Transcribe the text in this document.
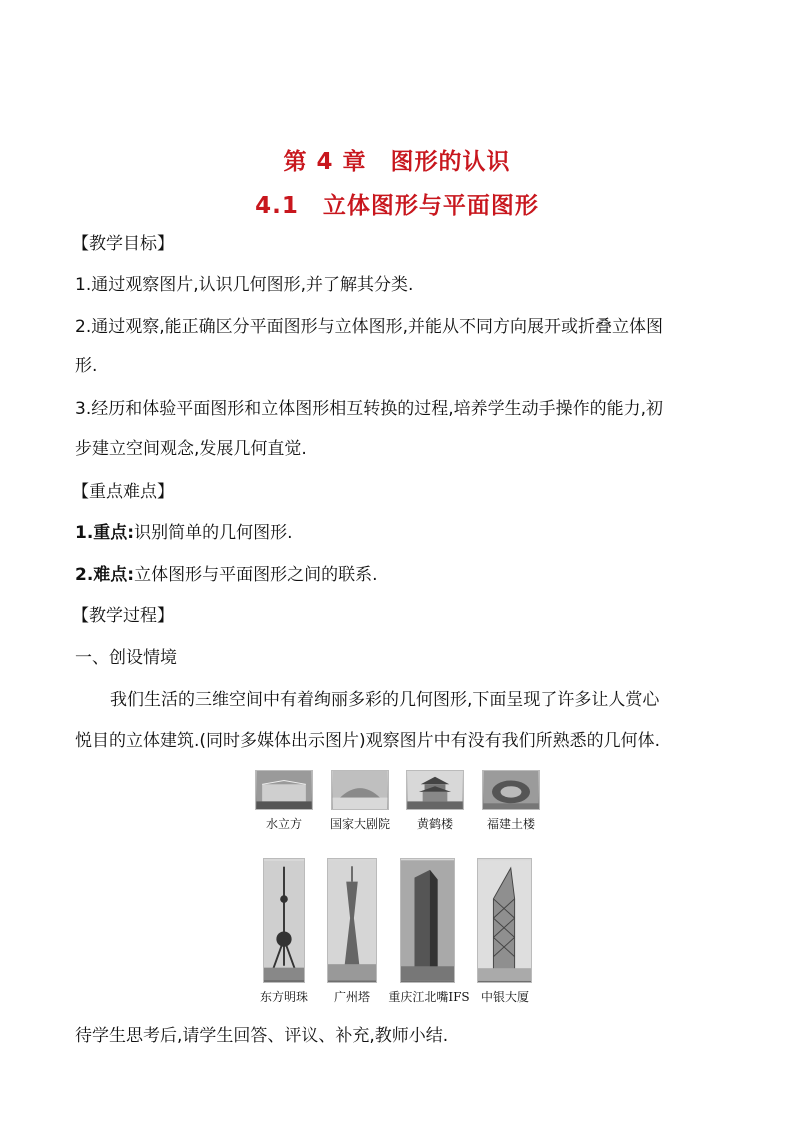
第 4 章　图形的认识
4.1　立体图形与平面图形
【教学目标】
1.通过观察图片,认识几何图形,并了解其分类.
2.通过观察,能正确区分平面图形与立体图形,并能从不同方向展开或折叠立体图
形.
3.经历和体验平面图形和立体图形相互转换的过程,培养学生动手操作的能力,初
步建立空间观念,发展几何直觉.
【重点难点】
1.重点:识别简单的几何图形.
2.难点:立体图形与平面图形之间的联系.
【教学过程】
一、创设情境
我们生活的三维空间中有着绚丽多彩的几何图形,下面呈现了许多让人赏心
悦目的立体建筑.(同时多媒体出示图片)观察图片中有没有我们所熟悉的几何体.
水立方	国家大剧院	黄鹤楼	福建土楼
东方明珠	广州塔	重庆江北嘴IFS 中银大厦
待学生思考后,请学生回答、评议、补充,教师小结.
